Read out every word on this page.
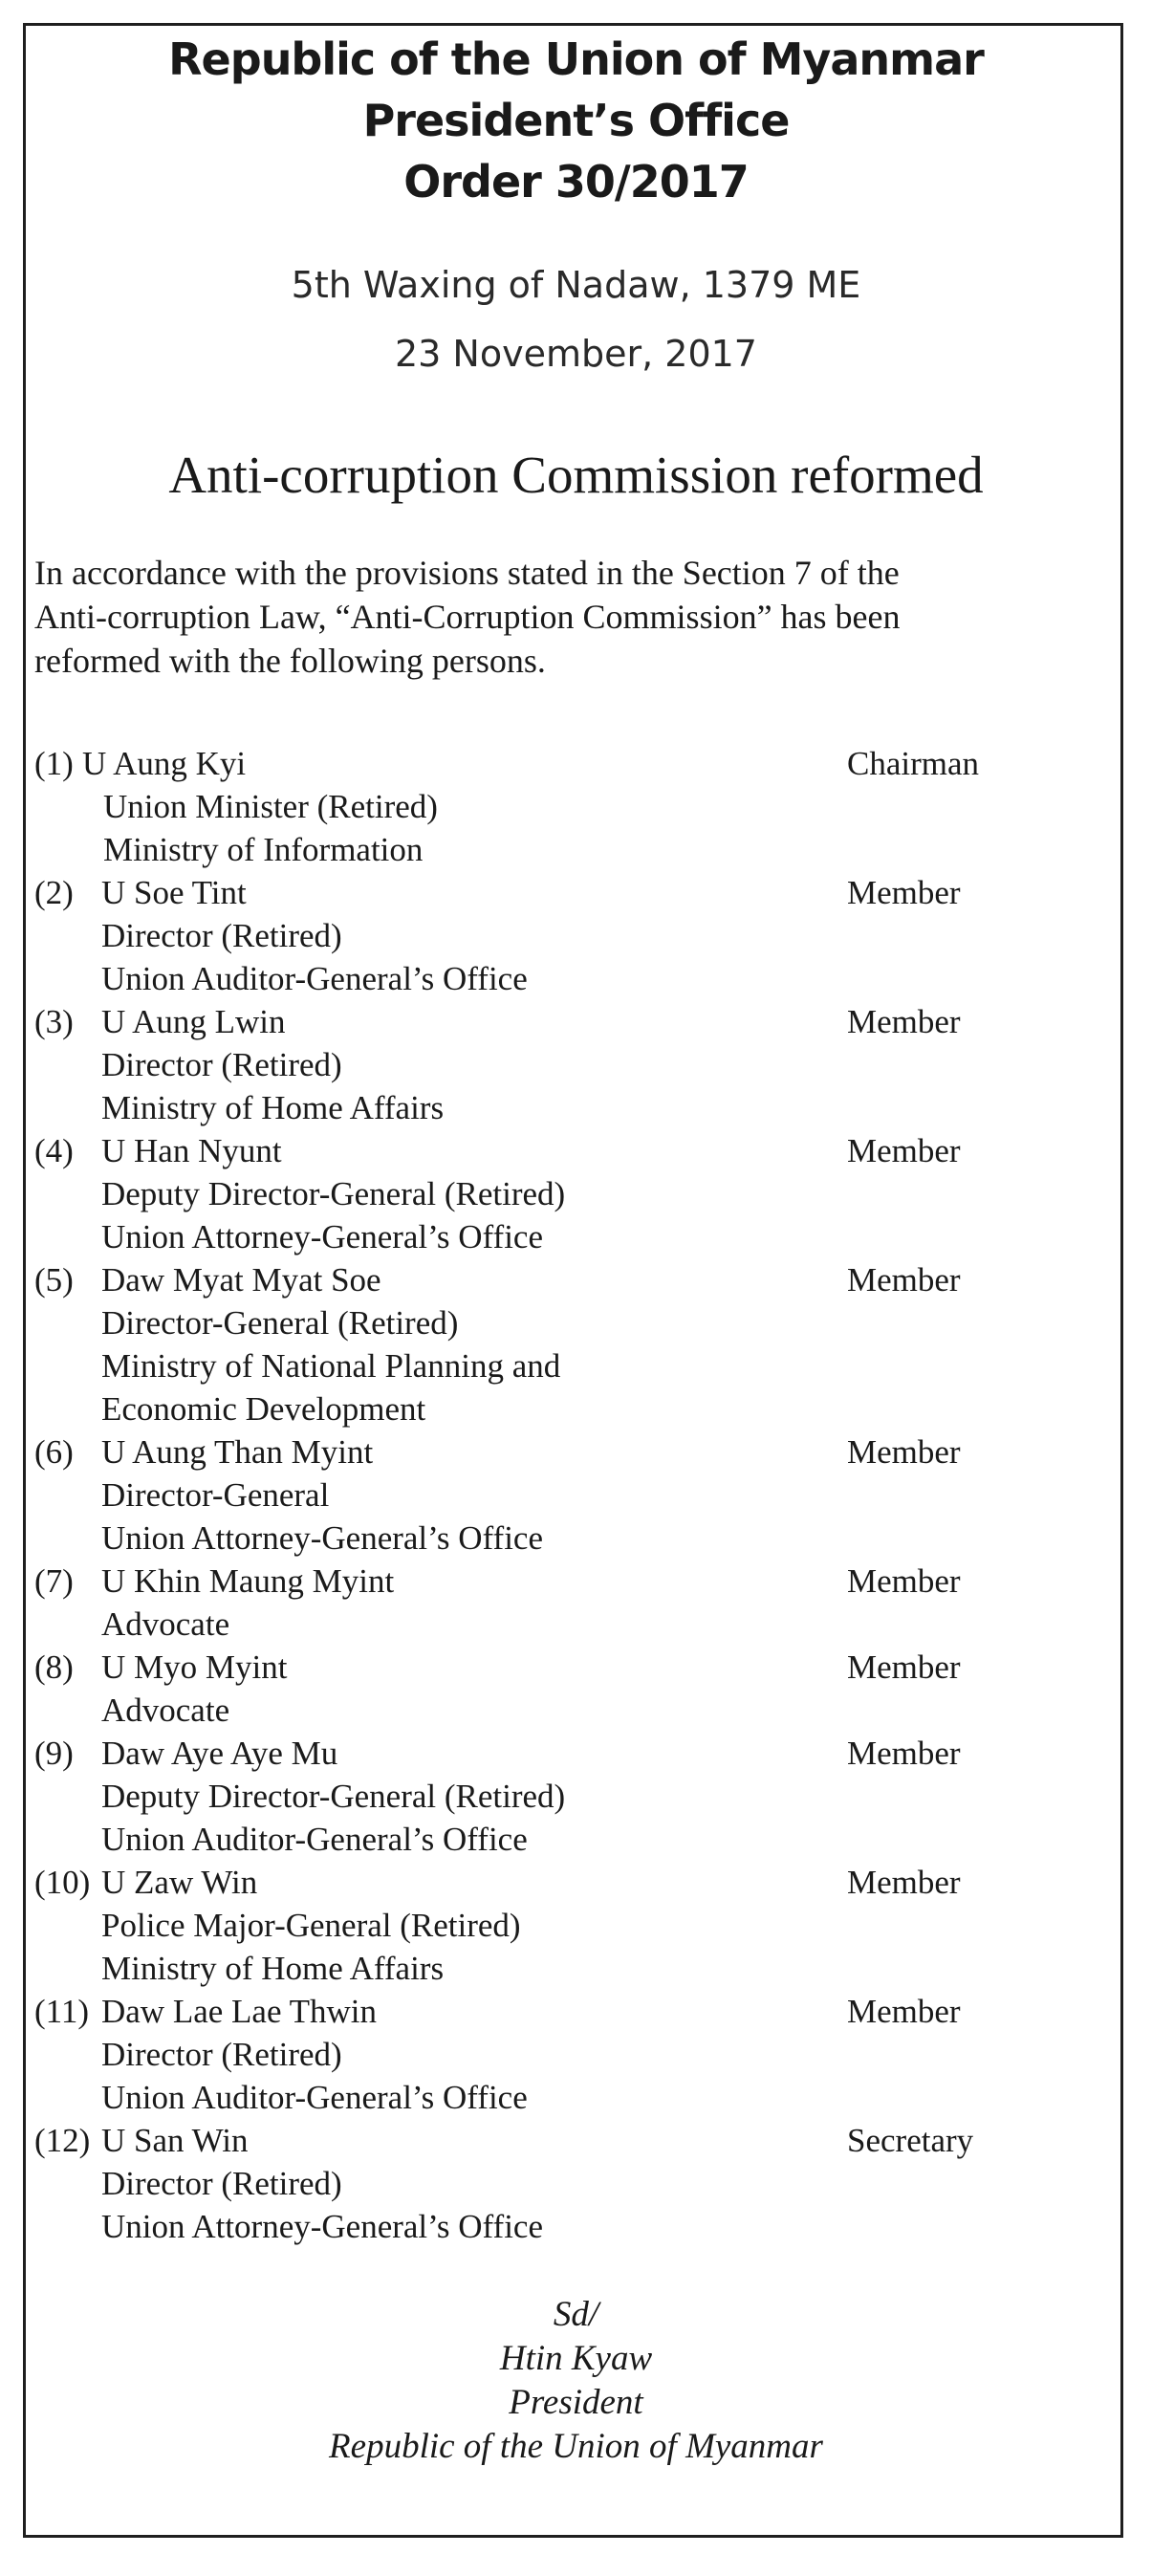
Republic of the Union of Myanmar
President’s Office
Order 30/2017
5th Waxing of Nadaw, 1379 ME
23 November, 2017
Anti-corruption Commission reformed
In accordance with the provisions stated in the Section 7 of the
Anti-corruption Law, “Anti-Corruption Commission” has been
reformed with the following persons.
(1) U Aung Kyi	Chairman
Union Minister (Retired)
Ministry of Information
(2) U Soe Tint	Member
Director (Retired)
Union Auditor-General’s Office
(3) U Aung Lwin	Member
Director (Retired)
Ministry of Home Affairs
(4) U Han Nyunt	Member
Deputy Director-General (Retired)
Union Attorney-General’s Office
(5) Daw Myat Myat Soe	Member
Director-General (Retired)
Ministry of National Planning and
Economic Development
(6) U Aung Than Myint	Member
Director-General
Union Attorney-General’s Office
(7) U Khin Maung Myint	Member
Advocate
(8) U Myo Myint	Member
Advocate
(9) Daw Aye Aye Mu	Member
Deputy Director-General (Retired)
Union Auditor-General’s Office
(10) U Zaw Win	Member
Police Major-General (Retired)
Ministry of Home Affairs
(11) Daw Lae Lae Thwin	Member
Director (Retired)
Union Auditor-General’s Office
(12) U San Win	Secretary
Director (Retired)
Union Attorney-General’s Office
Sd/
Htin Kyaw
President
Republic of the Union of Myanmar
